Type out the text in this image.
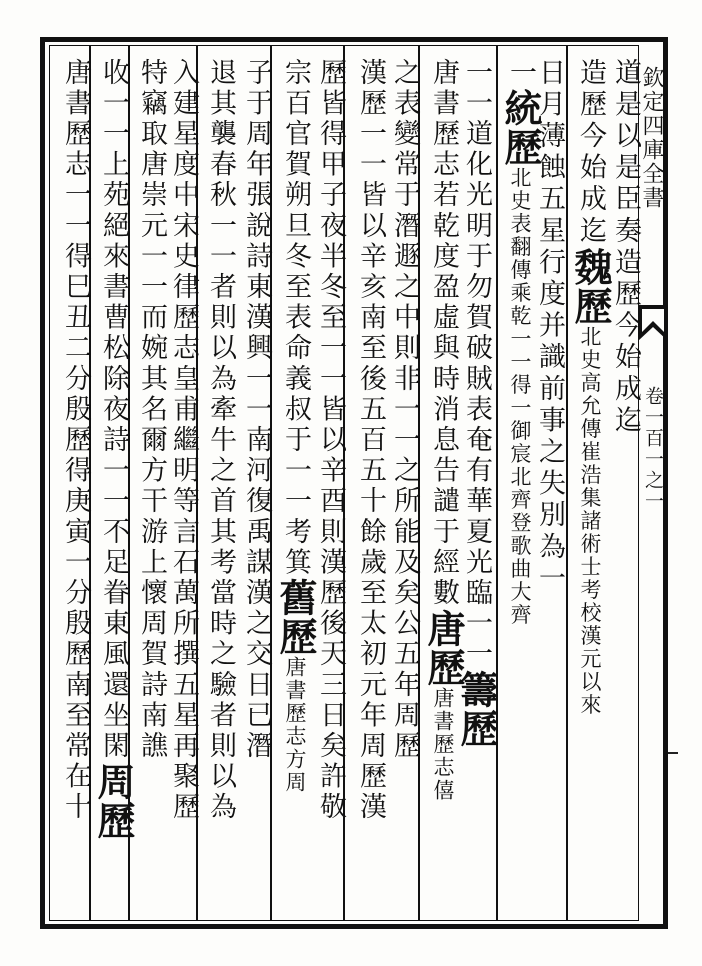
欽定四庫全書
卷一百一之一
道是以是臣奏造歷今始成迄
造歷今始成迄魏歷北史高允傳崔浩集諸術士考校漢元以來
日月薄蝕五星行度并識前事之失別為一
一統歷北史表翻傳乘乾一一得一御宸北齊登歌曲大齊
一一道化光明于勿賀破賊表奄有華夏光臨一一籌歷
唐書歷志若乾度盈虛與時消息告譴于經數唐歷唐書歷志僖
之表變常于潛遯之中則非一一之所能及矣公五年周歷
漢歷一一皆以辛亥南至後五百五十餘歲至太初元年周歷漢
歷皆得甲子夜半冬至一一皆以辛酉則漢歷後天三日矣許敬
宗百官賀朔旦冬至表命義叔于一一考箕舊歷唐書歷志方周
子于周年張說詩東漢興一一南河復禹謀漢之交日已潛
退其襲春秋一一者則以為牽牛之首其考當時之驗者則以為
入建星度中宋史律歷志皇甫繼明等言石萬所撰五星再聚歷
特竊取唐崇元一一而婉其名爾方干游上懷周賀詩南譙
收一一上苑絕來書曹松除夜詩一一不足眷東風還坐閑周歷
唐書歷志一一得巳丑二分殷歷得庚寅一分殷歷南至常在十
